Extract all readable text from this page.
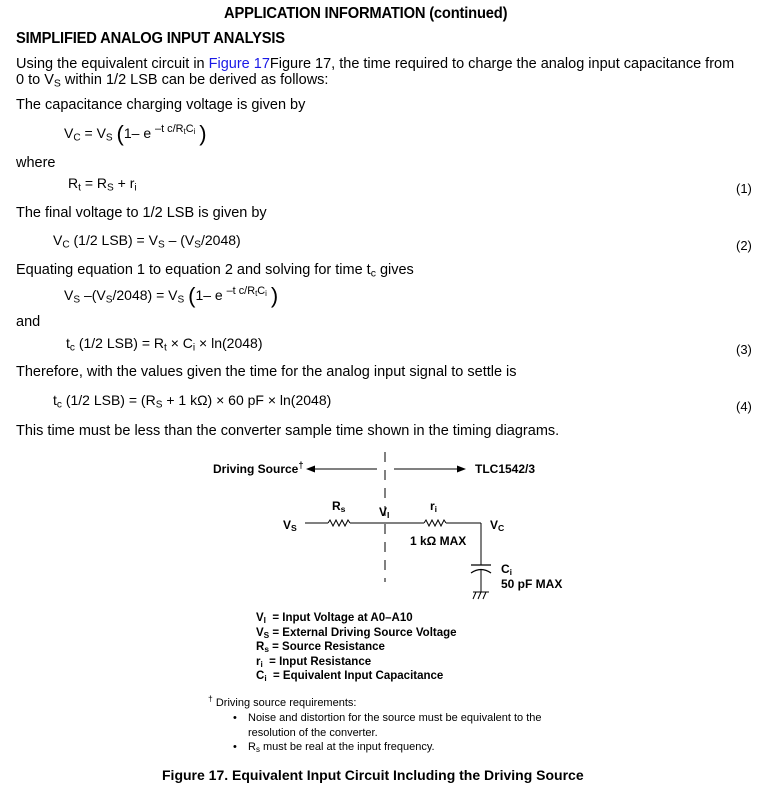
APPLICATION INFORMATION (continued)
SIMPLIFIED ANALOG INPUT ANALYSIS
Using the equivalent circuit in Figure 17Figure 17, the time required to charge the analog input capacitance from
0 to $V_S$ within 1/2 LSB can be derived as follows:
The capacitance charging voltage is given by
$V_C = V_S$ (1– e $^{-t c/R_tC_i}$ )
where
$R_t = R_S + r_i$	(1)
The final voltage to 1/2 LSB is given by
$V_C$ (1/2 $LSB) = V_S - (V_S/2048)$	(2)
Equating equation 1 to equation 2 and solving for time $t_c$ gives
$V_S$ $-(V_S/2048) = V_S$ (1– e $^{-t c/R_tC_i}$ )
and
$t_c$ (1/2 $LSB) = R_t \times C_i \times \ln(2048)$	(3)
Therefore, with the values given the time for the analog input signal to settle is
$t_c$ (1/2 $LSB) = (R_S + 1$ kΩ) × 60 pF × ln(2048)	(4)
This time must be less than the converter sample time shown in the timing diagrams.
Driving Source†	TLC1542/3
$R_s$	$V_I$
$r_i$
$V_S$	$V_C$
1 kΩ MAX
$C_i$
50 pF MAX
$V_I$  = Input Voltage at A0–A10
$V_S$ = External Driving Source Voltage
$R_s$ = Source Resistance
$r_i$  = Input Resistance
$C_i$  = Equivalent Input Capacitance
† Driving source requirements:
• Noise and distortion for the source must be equivalent to the
resolution of the converter.
• $R_s$ must be real at the input frequency.
Figure 17. Equivalent Input Circuit Including the Driving Source
